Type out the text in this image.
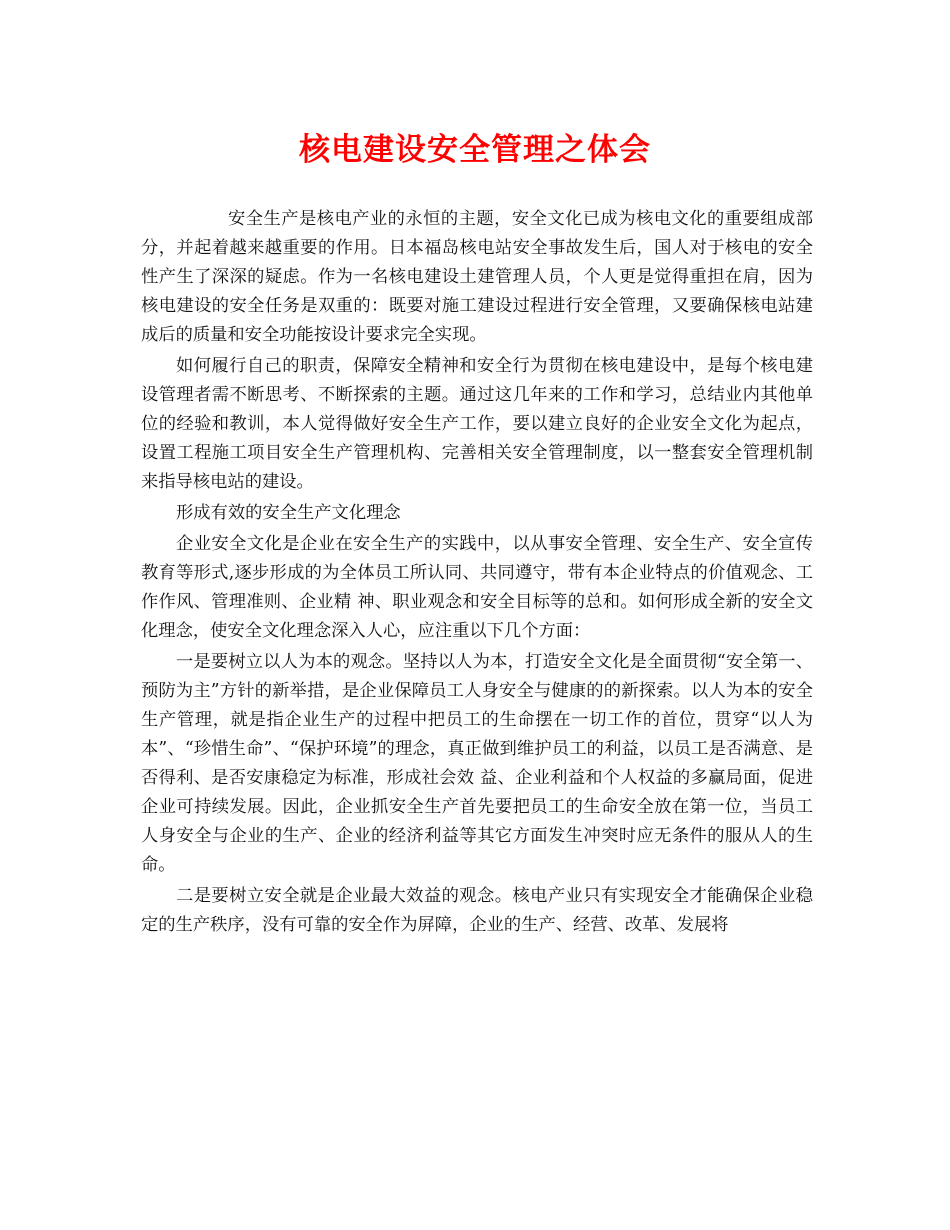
核电建设安全管理之体会

安全生产是核电产业的永恒的主题，安全文化已成为核电文化的重要组成部分，并起着越来越重要的作用。日本福岛核电站安全事故发生后，国人对于核电的安全性产生了深深的疑虑。作为一名核电建设土建管理人员，个人更是觉得重担在肩，因为核电建设的安全任务是双重的：既要对施工建设过程进行安全管理，又要确保核电站建成后的质量和安全功能按设计要求完全实现。

如何履行自己的职责，保障安全精神和安全行为贯彻在核电建设中，是每个核电建设管理者需不断思考、不断探索的主题。通过这几年来的工作和学习，总结业内其他单位的经验和教训，本人觉得做好安全生产工作，要以建立良好的企业安全文化为起点，设置工程施工项目安全生产管理机构、完善相关安全管理制度，以一整套安全管理机制来指导核电站的建设。

形成有效的安全生产文化理念

企业安全文化是企业在安全生产的实践中，以从事安全管理、安全生产、安全宣传教育等形式,逐步形成的为全体员工所认同、共同遵守，带有本企业特点的价值观念、工作作风、管理准则、企业精 神、职业观念和安全目标等的总和。如何形成全新的安全文化理念，使安全文化理念深入人心，应注重以下几个方面：

一是要树立以人为本的观念。坚持以人为本，打造安全文化是全面贯彻“安全第一、预防为主”方针的新举措，是企业保障员工人身安全与健康的的新探索。以人为本的安全生产管理，就是指企业生产的过程中把员工的生命摆在一切工作的首位，贯穿“以人为本”、“珍惜生命”、“保护环境”的理念，真正做到维护员工的利益，以员工是否满意、是否得利、是否安康稳定为标准，形成社会效 益、企业利益和个人权益的多赢局面，促进企业可持续发展。因此，企业抓安全生产首先要把员工的生命安全放在第一位，当员工人身安全与企业的生产、企业的经济利益等其它方面发生冲突时应无条件的服从人的生命。

二是要树立安全就是企业最大效益的观念。核电产业只有实现安全才能确保企业稳定的生产秩序，没有可靠的安全作为屏障，企业的生产、经营、改革、发展将
